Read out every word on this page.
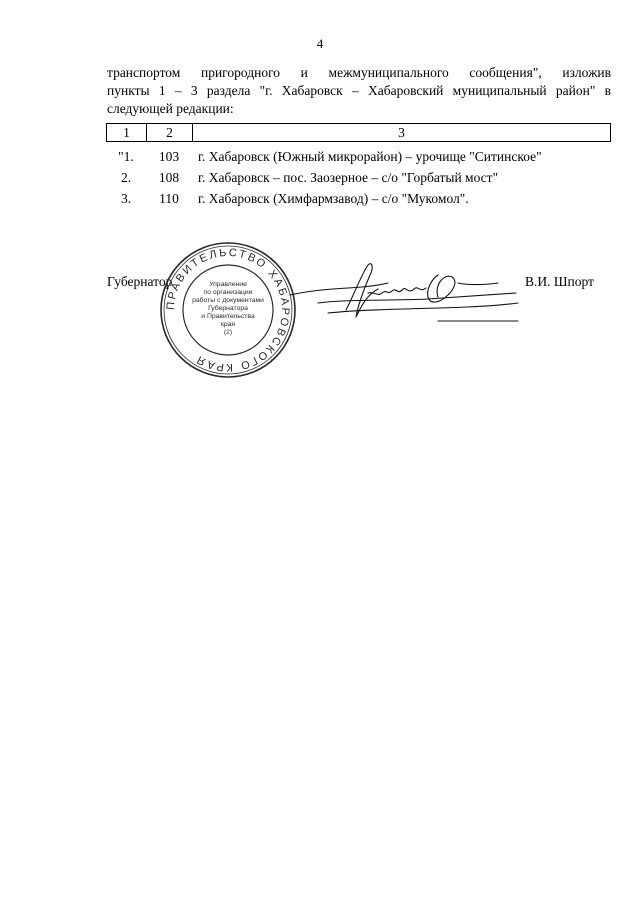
4
транспортом пригородного и межмуниципального сообщения", изложив
пункты 1 – 3 раздела "г. Хабаровск – Хабаровский муниципальный район" в
следующей редакции:
1	2	3
"1.	103	г. Хабаровск (Южный микрорайон) – урочище "Ситинское"
2.	108	г. Хабаровск – пос. Заозерное – с/о "Горбатый мост"
3.	110	г. Хабаровск (Химфармзавод) – с/о "Мукомол".
Губернатор	В.И. Шпорт
ПРАВИТЕЛЬСТВО ХАБАРОВСКОГО КРАЯ
Управление
по организации
работы с документами
Губернатора
и Правительства
края
(2)
